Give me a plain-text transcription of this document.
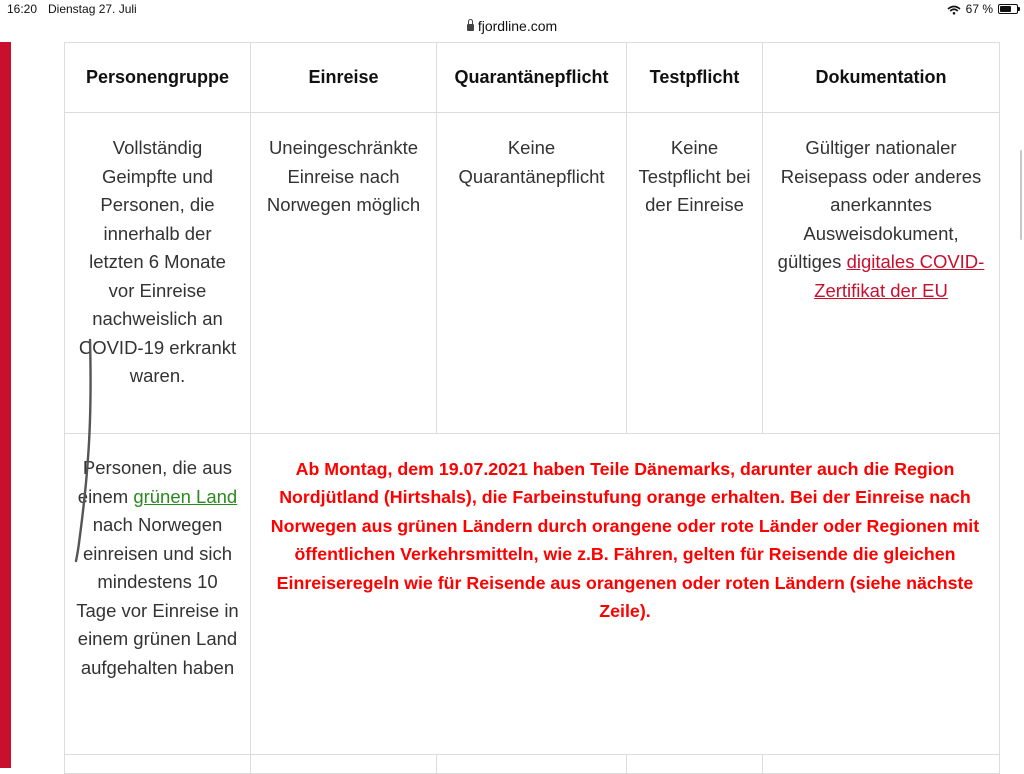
16:20 Dienstag 27. Juli	67 %
fjordline.com
Personengruppe	Einreise	Quarantänepflicht	Testpflicht	Dokumentation

Vollständig Geimpfte und Personen, die innerhalb der letzten 6 Monate vor Einreise nachweislich an COVID-19 erkrankt waren.	Uneingeschränkte Einreise nach Norwegen möglich	Keine Quarantänepflicht	Keine Testpflicht bei der Einreise	Gültiger nationaler Reisepass oder anderes anerkanntes Ausweisdokument, gültiges digitales COVID-Zertifikat der EU

Personen, die aus einem grünen Land nach Norwegen einreisen und sich mindestens 10 Tage vor Einreise in einem grünen Land aufgehalten haben	Ab Montag, dem 19.07.2021 haben Teile Dänemarks, darunter auch die Region Nordjütland (Hirtshals), die Farbeinstufung orange erhalten. Bei der Einreise nach Norwegen aus grünen Ländern durch orangene oder rote Länder oder Regionen mit öffentlichen Verkehrsmitteln, wie z.B. Fähren, gelten für Reisende die gleichen Einreiseregeln wie für Reisende aus orangenen oder roten Ländern (siehe nächste Zeile).			
